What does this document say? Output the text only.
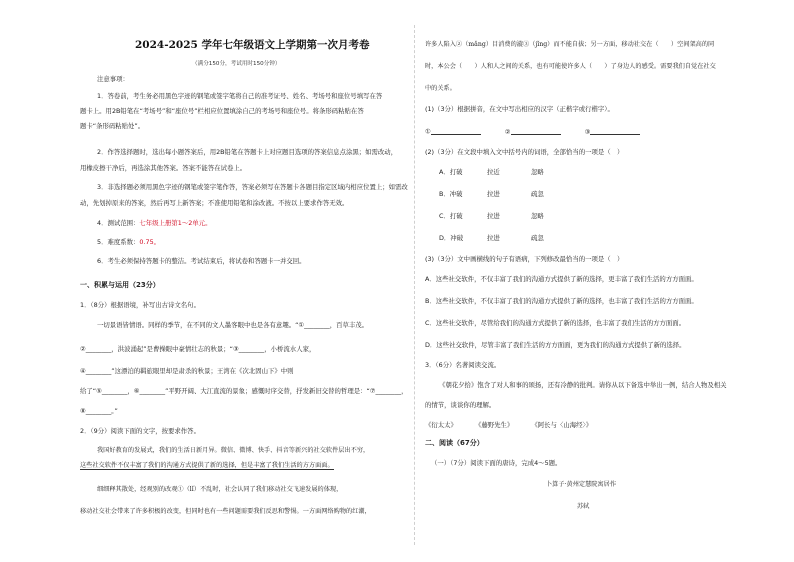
2024-2025 学年七年级语文上学期第一次月考卷
（满分150分，考试用时150分钟）
注意事项：
1．答卷前，考生务必用黑色字迹的钢笔或签字笔将自己的准考证号、姓名、考场号和座位号填写在答
题卡上。用2B铅笔在“考场号”和“座位号”栏相应位置填涂自己的考场号和座位号。将条形码粘贴在答
题卡“条形码粘贴处”。
2．作答选择题时，选出每小题答案后，用2B铅笔在答题卡上对应题目选项的答案信息点涂黑；如需改动，
用橡皮擦干净后，再选涂其他答案。答案不能答在试卷上。
3．非选择题必须用黑色字迹的钢笔或签字笔作答，答案必须写在答题卡各题目指定区域内相应位置上；如需改
动，先划掉原来的答案，然后再写上新答案；不准使用铅笔和涂改液。不按以上要求作答无效。
4．测试范围：七年级上册第1～2单元。
5．难度系数：0.75。
6．考生必须保持答题卡的整洁。考试结束后，将试卷和答题卡一并交回。
一、积累与运用（23分）
1．（8分）根据语境，补写出古诗文名句。
一切景语皆情语。同样的季节，在不同的文人墨客眼中也是各有意趣。“①________，百草丰茂。
②________，洪波涌起”是曹操眼中豪情壮志的秋景；“③________，小桥流水人家，
④________”这漂泊的羁旅眼里却是肃杀的秋景；王湾在《次北固山下》中则
给了“⑤________，⑥________”平野开阔、大江直流的景象；感慨时序交替，抒发新旧交替的哲理是：“⑦________，
⑧________。”
2．（9分）阅读下面的文字，按要求作答。
我国好教育的发展式，我们的生活日新月异。微信、微博、快手、抖音等新兴的社交软件层出不穷，
这些社交软件不仅丰富了我们的沟通方式提供了新的选择，但是丰富了我们生活的方方面面。
细细释其散处，经观别的改观①（lǐ）不乱时，社会认同了我们移动社交飞速发展的体现，
移动社交社会带来了许多积极的改变，但同时也有一些问题需要我们反思和警惕。一方面网络购物的红潮，
许多人陷入②（mǎng）目消费的漩③（jǐng）而不能自拔；另一方面，移动社交在（　　）空间架高的同
时，本公会（　　）人和人之间的关系，也有可能使许多人（　　）了身边人的感受。需要我们自觉在社交
中的关系。
(1)（3分）根据拼音，在文中写出相应的汉字（正楷字或行楷字）。
①	②	③
(2)（3分）在文段中填入文中括号内的词语，全部恰当的一项是（　）
A．打破	拉近	忽略
B．冲破	拉进	疏忽
C．打破	拉进	忽略
D．冲破	拉进	疏忽
(3)（3分）文中画横线的句子有语病，下列修改最恰当的一项是（　）
A．这些社交软件，不仅丰富了我们的沟通方式提供了新的选择，更丰富了我们生活的方方面面。
B．这些社交软件，不仅丰富了我们的沟通方式提供了新的选择，也丰富了我们生活的方方面面。
C．这些社交软件，尽管给我们的沟通方式提供了新的选择，也丰富了我们生活的方方面面。
D．这些社交软件，尽管丰富了我们生活的方方面面，更为我们的沟通方式提供了新的选择。
3．（6分）名著阅读交流。
《朝花夕拾》饱含了对人和事的颂扬，还有冷静的批判。请你从以下备选中举出一例，结合人物及相关
的情节，谈谈你的理解。
《衍太太》	《藤野先生》	《阿长与〈山海经〉》
二、阅读（67分）
（一）（7分）阅读下面的唐诗，完成4～5题。
卜算子·黄州定慧院寓居作
苏轼
